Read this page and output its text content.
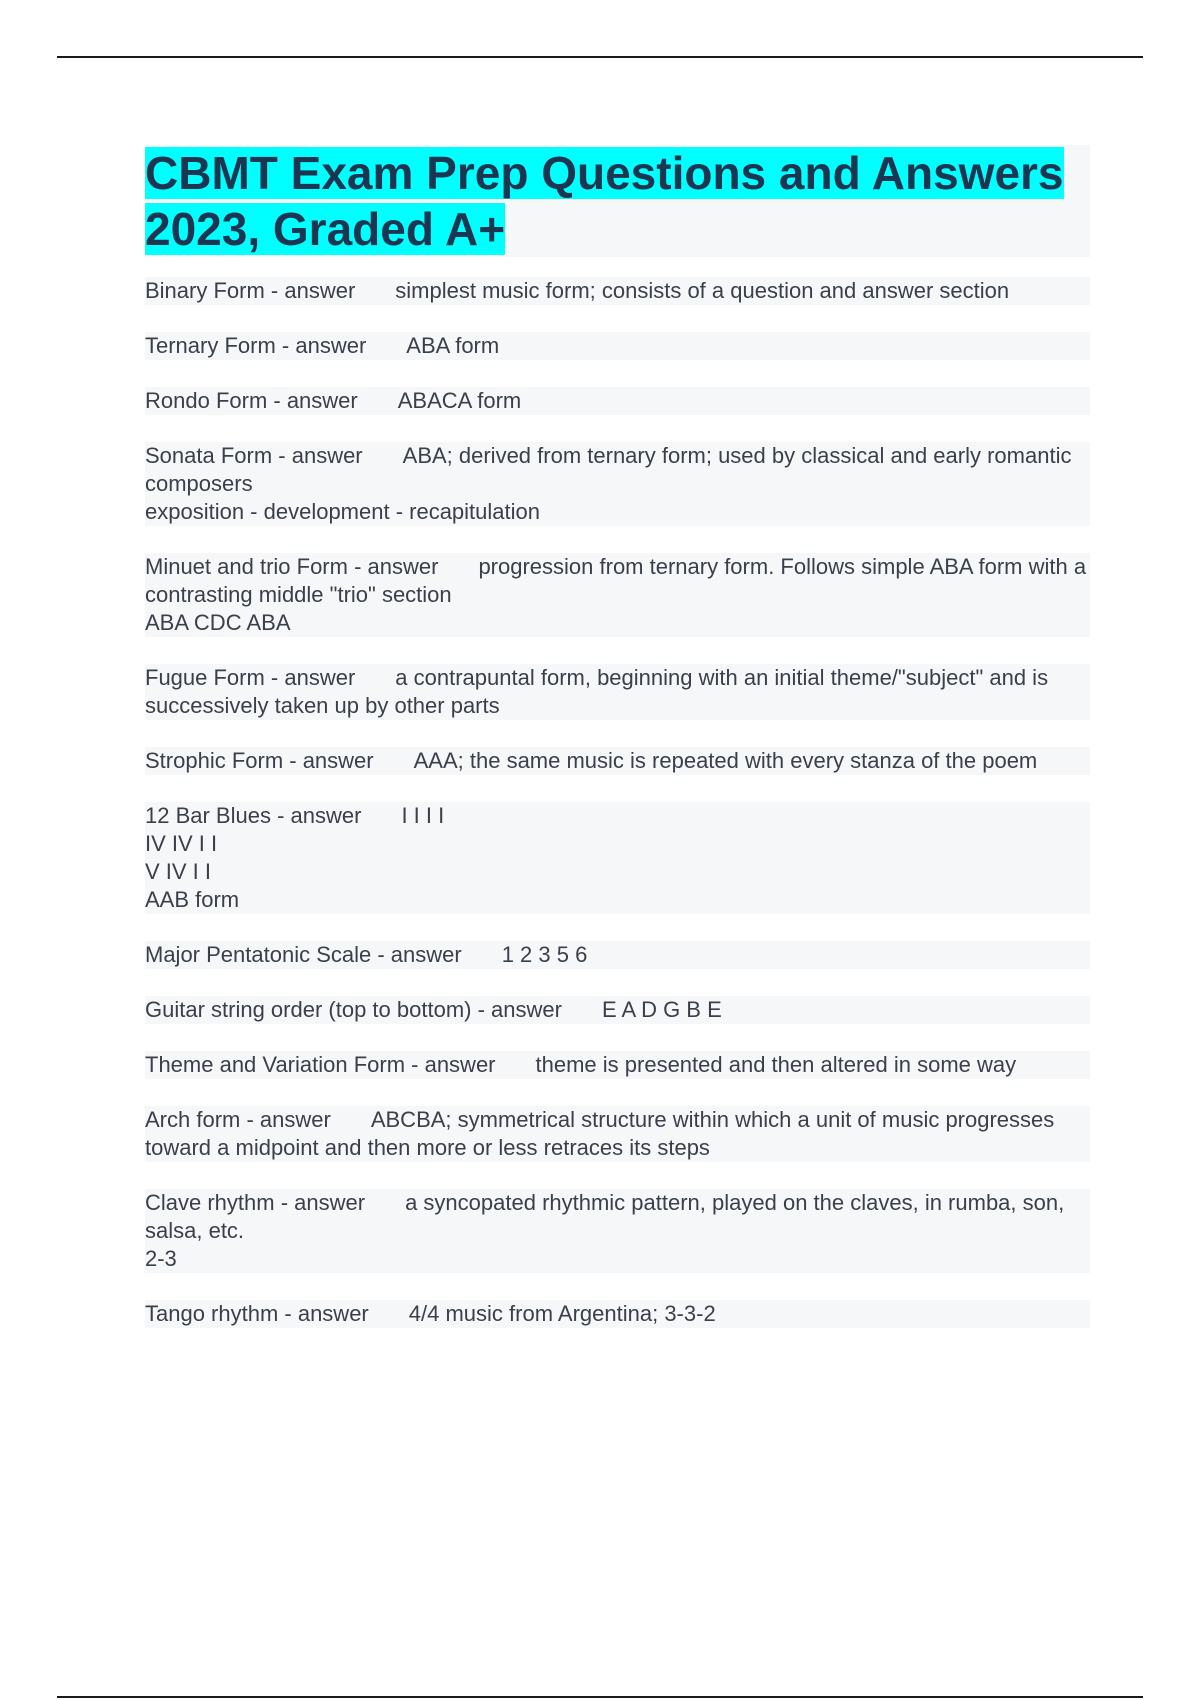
CBMT Exam Prep Questions and Answers 2023, Graded A+
Binary Form - answer simplest music form; consists of a question and answer section
Ternary Form - answer ABA form
Rondo Form - answer ABACA form
Sonata Form - answer ABA; derived from ternary form; used by classical and early romantic composers
exposition - development - recapitulation
Minuet and trio Form - answer progression from ternary form. Follows simple ABA form with a contrasting middle "trio" section
ABA CDC ABA
Fugue Form - answer a contrapuntal form, beginning with an initial theme/"subject" and is successively taken up by other parts
Strophic Form - answer AAA; the same music is repeated with every stanza of the poem
12 Bar Blues - answer I I I I
IV IV I I
V IV I I
AAB form
Major Pentatonic Scale - answer 1 2 3 5 6
Guitar string order (top to bottom) - answer E A D G B E
Theme and Variation Form - answer theme is presented and then altered in some way
Arch form - answer ABCBA; symmetrical structure within which a unit of music progresses toward a midpoint and then more or less retraces its steps
Clave rhythm - answer a syncopated rhythmic pattern, played on the claves, in rumba, son, salsa, etc.
2-3
Tango rhythm - answer 4/4 music from Argentina; 3-3-2
